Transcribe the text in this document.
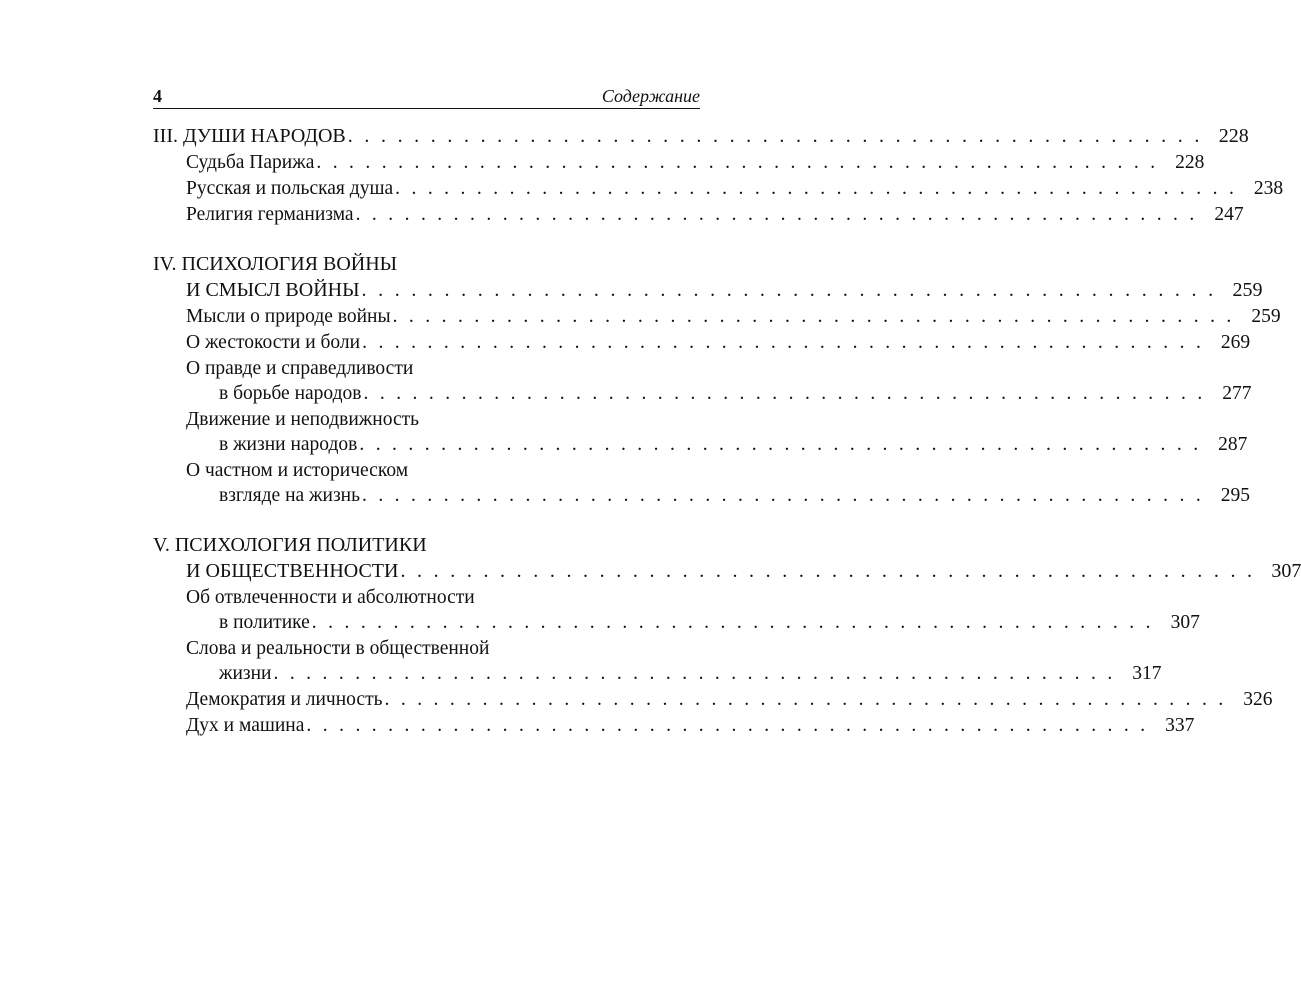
4	Содержание
III. ДУШИ НАРОДОВ . . . . . . . . . . . . . . . . . . . . . . . . . . . . . . . . . . . . . . . . . . . . . . . . . . . . 228
Судьба Парижа . . . . . . . . . . . . . . . . . . . . . . . . . . . . . . . . . . . . . . . . . . . . . . . . . . . . 228
Русская и польская душа . . . . . . . . . . . . . . . . . . . . . . . . . . . . . . . . . . . . . . . . . . . . . . . . . . . . 238
Религия германизма . . . . . . . . . . . . . . . . . . . . . . . . . . . . . . . . . . . . . . . . . . . . . . . . . . . . 247
IV. ПСИХОЛОГИЯ ВОЙНЫ
И СМЫСЛ ВОЙНЫ . . . . . . . . . . . . . . . . . . . . . . . . . . . . . . . . . . . . . . . . . . . . . . . . . . . . 259
Мысли о природе войны . . . . . . . . . . . . . . . . . . . . . . . . . . . . . . . . . . . . . . . . . . . . . . . . . . . . 259
О жестокости и боли . . . . . . . . . . . . . . . . . . . . . . . . . . . . . . . . . . . . . . . . . . . . . . . . . . . . 269
О правде и справедливости
в борьбе народов . . . . . . . . . . . . . . . . . . . . . . . . . . . . . . . . . . . . . . . . . . . . . . . . . . . . 277
Движение и неподвижность
в жизни народов . . . . . . . . . . . . . . . . . . . . . . . . . . . . . . . . . . . . . . . . . . . . . . . . . . . . 287
О частном и историческом
взгляде на жизнь . . . . . . . . . . . . . . . . . . . . . . . . . . . . . . . . . . . . . . . . . . . . . . . . . . . . 295
V. ПСИХОЛОГИЯ ПОЛИТИКИ
И ОБЩЕСТВЕННОСТИ . . . . . . . . . . . . . . . . . . . . . . . . . . . . . . . . . . . . . . . . . . . . . . . . . . . . 307
Об отвлеченности и абсолютности
в политике . . . . . . . . . . . . . . . . . . . . . . . . . . . . . . . . . . . . . . . . . . . . . . . . . . . . 307
Слова и реальности в общественной
жизни . . . . . . . . . . . . . . . . . . . . . . . . . . . . . . . . . . . . . . . . . . . . . . . . . . . . 317
Демократия и личность . . . . . . . . . . . . . . . . . . . . . . . . . . . . . . . . . . . . . . . . . . . . . . . . . . . . 326
Дух и машина . . . . . . . . . . . . . . . . . . . . . . . . . . . . . . . . . . . . . . . . . . . . . . . . . . . . 337
